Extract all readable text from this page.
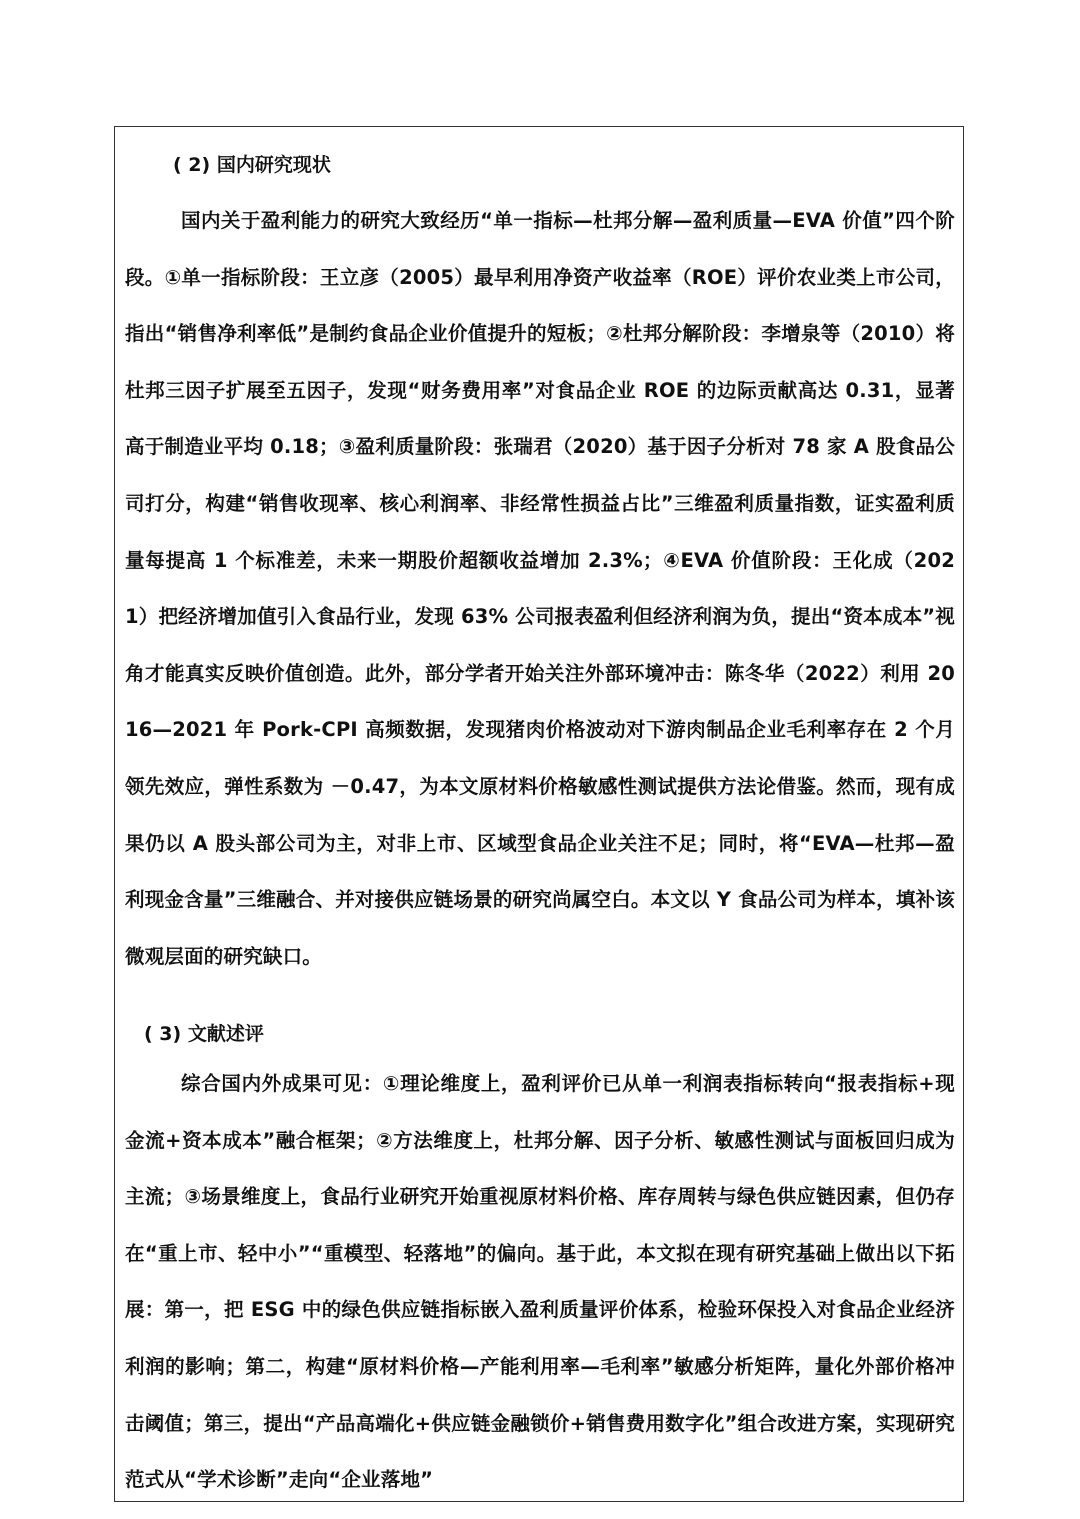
( 2) 国内研究现状

国内关于盈利能力的研究大致经历“单一指标—杜邦分解—盈利质量—EVA 价值”四个阶段。①单一指标阶段：王立彦（2005）最早利用净资产收益率（ROE）评价农业类上市公司，指出“销售净利率低”是制约食品企业价值提升的短板；②杜邦分解阶段：李增泉等（2010）将杜邦三因子扩展至五因子，发现“财务费用率”对食品企业 ROE 的边际贡献高达 0.31，显著高于制造业平均 0.18；③盈利质量阶段：张瑞君（2020）基于因子分析对 78 家 A 股食品公司打分，构建“销售收现率、核心利润率、非经常性损益占比”三维盈利质量指数，证实盈利质量每提高 1 个标准差，未来一期股价超额收益增加 2.3%；④EVA 价值阶段：王化成（2021）把经济增加值引入食品行业，发现 63% 公司报表盈利但经济利润为负，提出“资本成本”视角才能真实反映价值创造。此外，部分学者开始关注外部环境冲击：陈冬华（2022）利用 2016—2021 年 Pork-CPI 高频数据，发现猪肉价格波动对下游肉制品企业毛利率存在 2 个月领先效应，弹性系数为 －0.47，为本文原材料价格敏感性测试提供方法论借鉴。然而，现有成果仍以 A 股头部公司为主，对非上市、区域型食品企业关注不足；同时，将“EVA—杜邦—盈利现金含量”三维融合、并对接供应链场景的研究尚属空白。本文以 Y 食品公司为样本，填补该微观层面的研究缺口。

( 3) 文献述评

综合国内外成果可见：①理论维度上，盈利评价已从单一利润表指标转向“报表指标+现金流+资本成本”融合框架；②方法维度上，杜邦分解、因子分析、敏感性测试与面板回归成为主流；③场景维度上，食品行业研究开始重视原材料价格、库存周转与绿色供应链因素，但仍存在“重上市、轻中小”“重模型、轻落地”的偏向。基于此，本文拟在现有研究基础上做出以下拓展：第一，把 ESG 中的绿色供应链指标嵌入盈利质量评价体系，检验环保投入对食品企业经济利润的影响；第二，构建“原材料价格—产能利用率—毛利率”敏感分析矩阵，量化外部价格冲击阈值；第三，提出“产品高端化+供应链金融锁价+销售费用数字化”组合改进方案，实现研究范式从“学术诊断”走向“企业落地”
